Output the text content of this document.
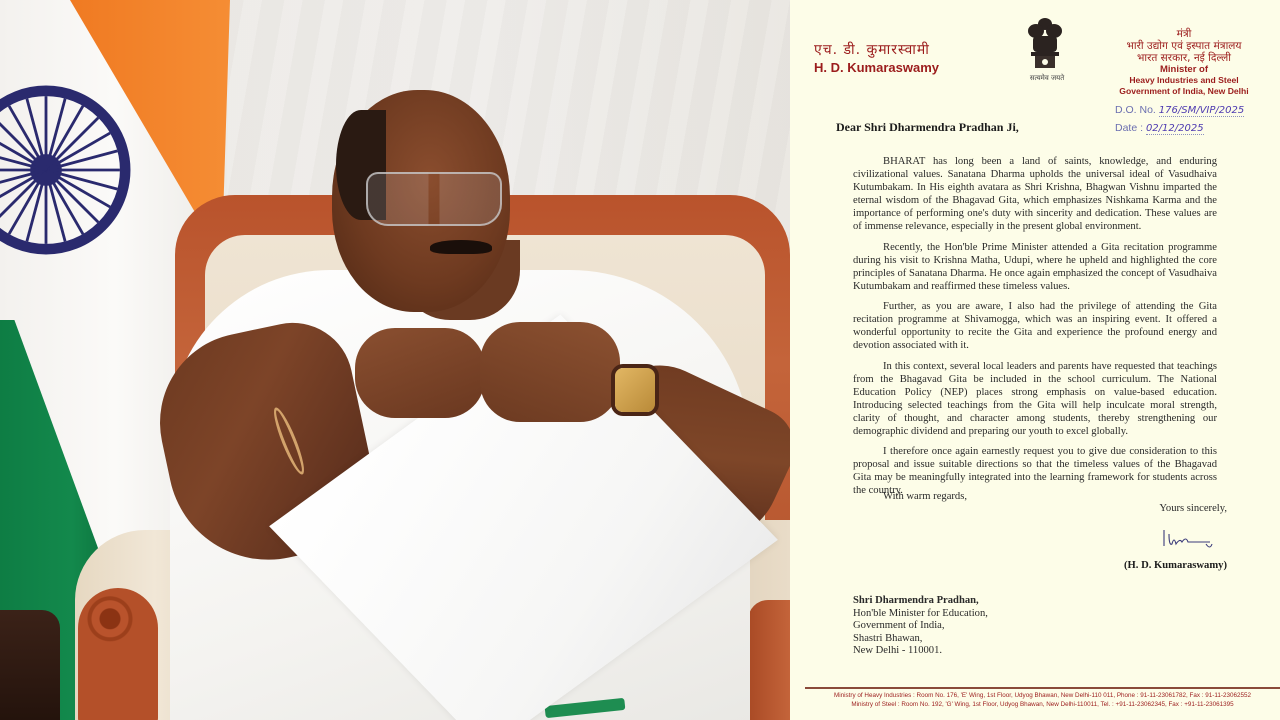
एच. डी. कुमारस्वामी
H. D. Kumaraswamy
सत्यमेव जयते
मंत्री
भारी उद्योग एवं इस्पात मंत्रालय
भारत सरकार, नई दिल्ली
Minister of
Heavy Industries and Steel
Government of India, New Delhi
D.O. No. 176/SM/VIP/2025
Date : 02/12/2025
Dear Shri Dharmendra Pradhan Ji,

BHARAT has long been a land of saints, knowledge, and enduring civilizational values. Sanatana Dharma upholds the universal ideal of Vasudhaiva Kutumbakam. In His eighth avatara as Shri Krishna, Bhagwan Vishnu imparted the eternal wisdom of the Bhagavad Gita, which emphasizes Nishkama Karma and the importance of performing one's duty with sincerity and dedication. These values are of immense relevance, especially in the present global environment.

Recently, the Hon'ble Prime Minister attended a Gita recitation programme during his visit to Krishna Matha, Udupi, where he upheld and highlighted the core principles of Sanatana Dharma. He once again emphasized the concept of Vasudhaiva Kutumbakam and reaffirmed these timeless values.

Further, as you are aware, I also had the privilege of attending the Gita recitation programme at Shivamogga, which was an inspiring event. It offered a wonderful opportunity to recite the Gita and experience the profound energy and devotion associated with it.

In this context, several local leaders and parents have requested that teachings from the Bhagavad Gita be included in the school curriculum. The National Education Policy (NEP) places strong emphasis on value-based education. Introducing selected teachings from the Gita will help inculcate moral strength, clarity of thought, and character among students, thereby strengthening our demographic dividend and preparing our youth to excel globally.

I therefore once again earnestly request you to give due consideration to this proposal and issue suitable directions so that the timeless values of the Bhagavad Gita may be meaningfully integrated into the learning framework for students across the country.

With warm regards,
Yours sincerely,
(H. D. Kumaraswamy)
Shri Dharmendra Pradhan,
Hon'ble Minister for Education,
Government of India,
Shastri Bhawan,
New Delhi - 110001.
Ministry of Heavy Industries : Room No. 176, 'E' Wing, 1st Floor, Udyog Bhawan, New Delhi-110 011, Phone : 91-11-23061782, Fax : 91-11-23062552
Ministry of Steel : Room No. 192, 'G' Wing, 1st Floor, Udyog Bhawan, New Delhi-110011, Tel. : +91-11-23062345, Fax : +91-11-23061395
